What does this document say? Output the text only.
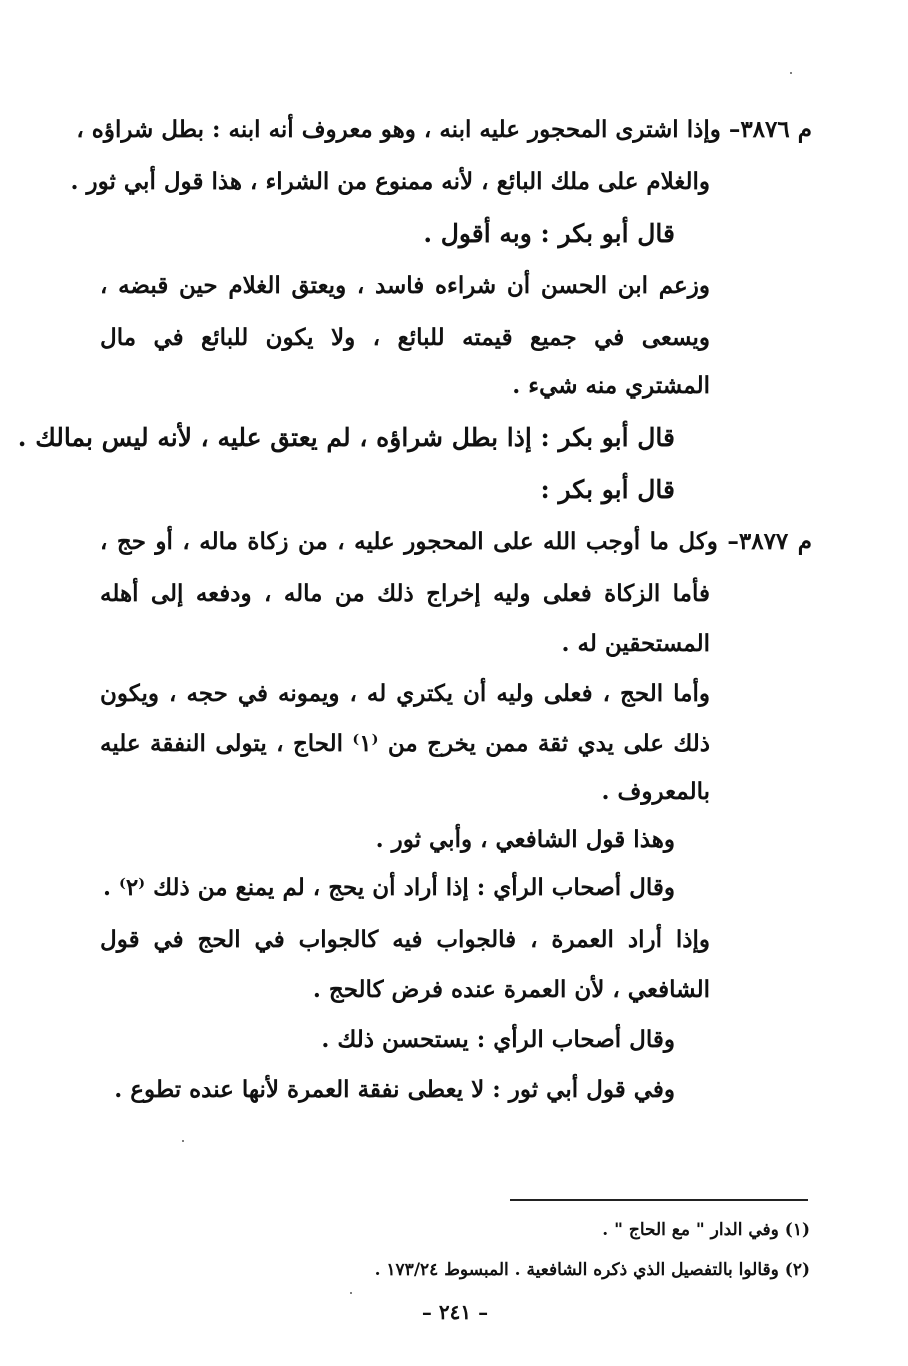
م ٣٨٧٦– وإذا اشترى المحجور عليه ابنه ، وهو معروف أنه ابنه : بطل شراؤه ،
والغلام على ملك البائع ، لأنه ممنوع من الشراء ، هذا قول أبي ثور .
قال أبو بكر : وبه أقول .
وزعم ابن الحسن أن شراءه فاسد ، ويعتق الغلام حين قبضه ،
ويسعى في جميع قيمته للبائع ، ولا يكون للبائع في مال
المشتري منه شيء .
قال أبو بكر : إذا بطل شراؤه ، لم يعتق عليه ، لأنه ليس بمالك .
قال أبو بكر :
م ٣٨٧٧– وكل ما أوجب الله على المحجور عليه ، من زكاة ماله ، أو حج ،
فأما الزكاة فعلى وليه إخراج ذلك من ماله ، ودفعه إلى أهله
المستحقين له .
وأما الحج ، فعلى وليه أن يكتري له ، ويمونه في حجه ، ويكون
ذلك على يدي ثقة ممن يخرج من ⁽١⁾ الحاج ، يتولى النفقة عليه
بالمعروف .
وهذا قول الشافعي ، وأبي ثور .
وقال أصحاب الرأي : إذا أراد أن يحج ، لم يمنع من ذلك ⁽٢⁾ .
وإذا أراد العمرة ، فالجواب فيه كالجواب في الحج في قول
الشافعي ، لأن العمرة عنده فرض كالحج .
وقال أصحاب الرأي : يستحسن ذلك .
وفي قول أبي ثور : لا يعطى نفقة العمرة لأنها عنده تطوع .
(١) وفي الدار " مع الحاج " .
(٢) وقالوا بالتفصيل الذي ذكره الشافعية . المبسوط ١٧٣/٢٤ .
– ٢٤١ –
